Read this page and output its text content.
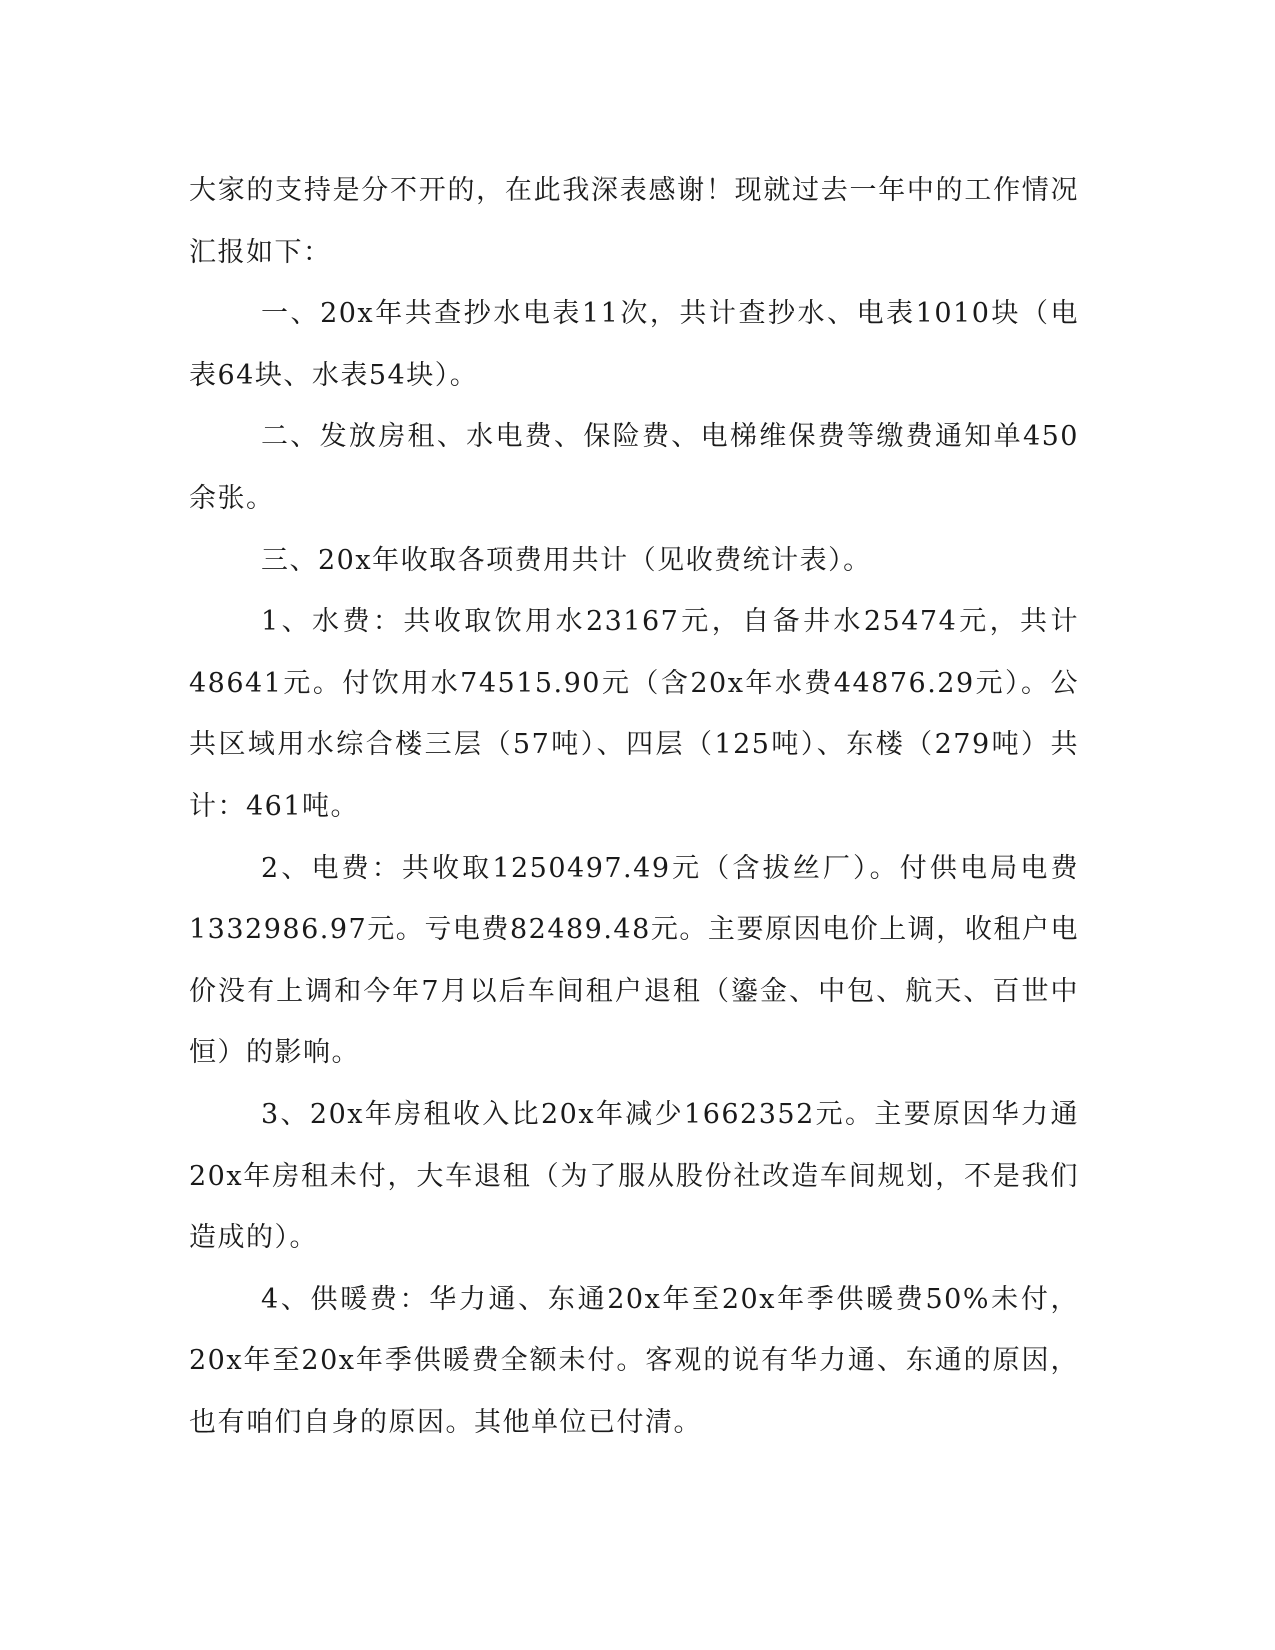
大家的支持是分不开的，在此我深表感谢！现就过去一年中的工作情况汇报如下：

一、20x年共查抄水电表11次，共计查抄水、电表1010块（电表64块、水表54块）。

二、发放房租、水电费、保险费、电梯维保费等缴费通知单450余张。

三、20x年收取各项费用共计（见收费统计表）。

1、水费：共收取饮用水23167元，自备井水25474元，共计48641元。付饮用水74515.90元（含20x年水费44876.29元）。公共区域用水综合楼三层（57吨）、四层（125吨）、东楼（279吨）共计：461吨。

2、电费：共收取1250497.49元（含拔丝厂）。付供电局电费1332986.97元。亏电费82489.48元。主要原因电价上调，收租户电价没有上调和今年7月以后车间租户退租（鎏金、中包、航天、百世中恒）的影响。

3、20x年房租收入比20x年减少1662352元。主要原因华力通20x年房租未付，大车退租（为了服从股份社改造车间规划，不是我们造成的）。

4、供暖费：华力通、东通20x年至20x年季供暖费50%未付，20x年至20x年季供暖费全额未付。客观的说有华力通、东通的原因，也有咱们自身的原因。其他单位已付清。
